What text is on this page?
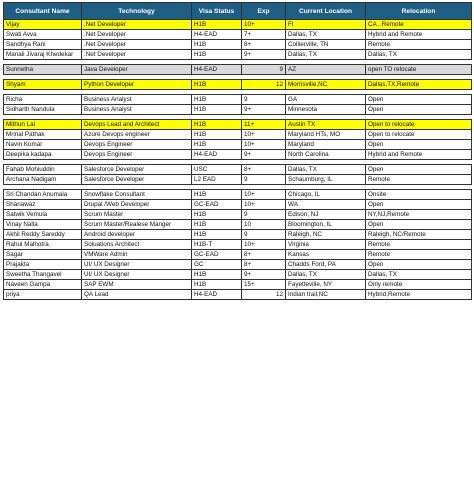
Consultant Name	Technology	Visa Status	Exp	Current Location	Relocation
Vijay	.Net Developer	H1B	10+	Fl	CA , Remote
Swati Avva	.Net Developer	H4-EAD	7+	Dallas, TX	Hybrid and Remote
Sandhya Rani	.Net Developer	H1B	8+	Collierville, TN	Remote
Manali Jivaraj Khedekar	.Net Developer	H1B	9+	Dallas, TX	Dallas, TX

Sunnetha	Java Developer	H4-EAD	9	AZ	open TO relocate

Shyam	Python Developer	H1B	12	Morrisville,NC	Dallas,TX,Remote

Richa	Business Analyst	H1B	9	GA	Open
Sidharth Nandula	Business Analyst	H1B	9+	Minnesota	Open

Mithun Lal	Devops Lead and Architect	H1B	11+	Austin TX	Open to relocate
Mrinal Pathak	Azure Devops engineer	H1B	10+	Maryland HTs, MO	Open to relocate
Navin Kumar	Devops Engineer	H1B	10+	Maryland	Open
Deepika kadapa	Devops Engineer	H4-EAD	9+	North Carolina	Hybrid and Remote

Fahab Mohiuddin	Salesforce Developer	USC	8+	Dallas, TX	Open
Archana Nadigam	Salesforce Developer	L2 EAD	9	Schaumburg, IL	Remote

Sri Chandan Anumala	Snowflake Consultant	H1B	10+	Chicago, IL	Onsite
Shanawaz	Drupal /Web Developer	GC-EAD	10+	WA	Open
Satwik Vemula	Scrum Master	H1B	9	Edison, NJ	NY,NJ,Remote
Vinay Nalla	Scrum Master/Realese Manger	H1B	10	Bloomington, IL	Open
Akhil Reddy Sareddy	Android developer	H1B	9	Raleigh, NC	Raleigh, NC/Remote
Rahul Malhotra	Soluations Architect	H1B-T	10+	Virginia	Remote
Sagar	VMWare Admin	GC-EAD	8+	Kansas	Remote
Prajakta	UI/ UX Designer	GC	8+	Chadds Ford, PA	Open
Sweetha Thangavel	UI/ UX Designer	H1B	9+	Dallas, TX	Dallas, TX
Naveen Gampa	SAP EWM	H1B	15+	Fayetteville, NY	Only remote
priya	QA Lead	H4-EAD	12	Indian trail,NC	Hybrid,Remote
